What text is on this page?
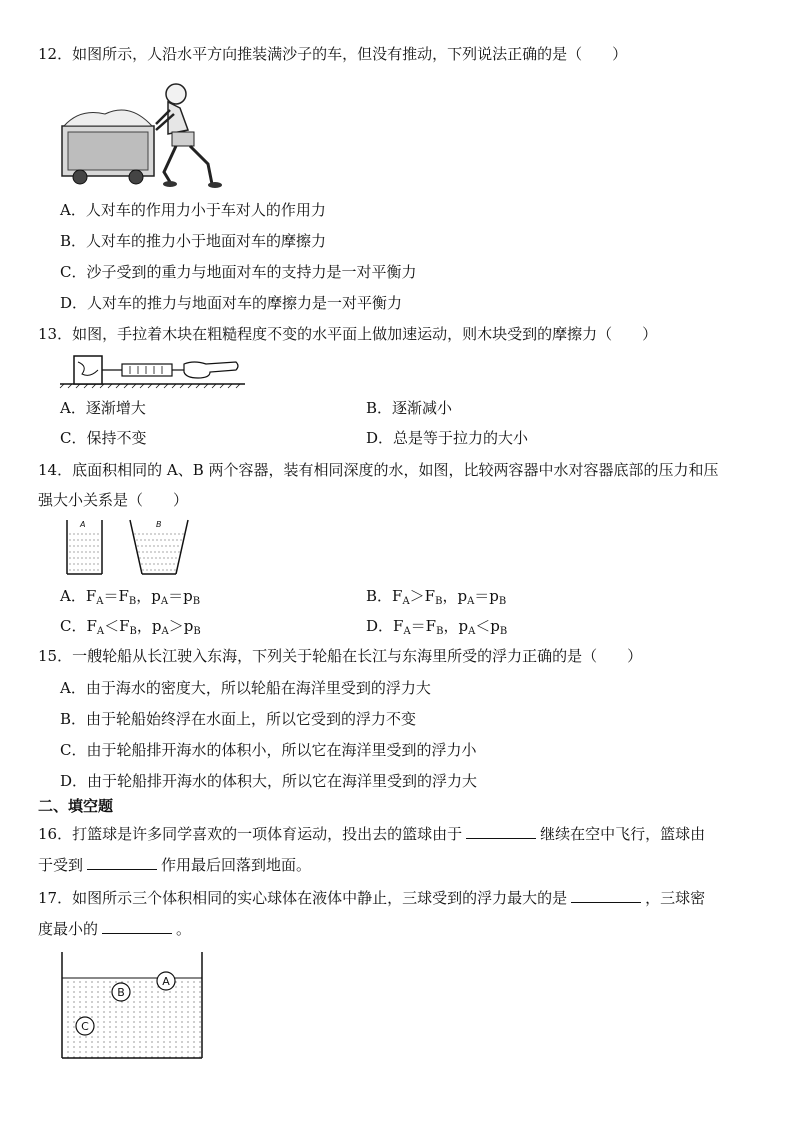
12．如图所示，人沿水平方向推装满沙子的车，但没有推动，下列说法正确的是（　　）
A．人对车的作用力小于车对人的作用力
B．人对车的推力小于地面对车的摩擦力
C．沙子受到的重力与地面对车的支持力是一对平衡力
D．人对车的推力与地面对车的摩擦力是一对平衡力
13．如图，手拉着木块在粗糙程度不变的水平面上做加速运动，则木块受到的摩擦力（　　）
A．逐渐增大	B．逐渐减小
C．保持不变	D．总是等于拉力的大小
14．底面积相同的 A、B 两个容器，装有相同深度的水，如图，比较两容器中水对容器底部的压力和压
强大小关系是（　　）
A	B
A．$F_A=F_B$，$p_A=p_B$	B．$F_A>F_B$，$p_A=p_B$
C．$F_A<F_B$，$p_A>p_B$	D．$F_A=F_B$，$p_A<p_B$
15．一艘轮船从长江驶入东海，下列关于轮船在长江与东海里所受的浮力正确的是（　　）
A．由于海水的密度大，所以轮船在海洋里受到的浮力大
B．由于轮船始终浮在水面上，所以它受到的浮力不变
C．由于轮船排开海水的体积小，所以它在海洋里受到的浮力小
D．由于轮船排开海水的体积大，所以它在海洋里受到的浮力大
二、填空题
16．打篮球是许多同学喜欢的一项体育运动，投出去的篮球由于	继续在空中飞行，篮球由
于受到	作用最后回落到地面。
17．如图所示三个体积相同的实心球体在液体中静止，三球受到的浮力最大的是	，三球密
度最小的	。
A
B
C
